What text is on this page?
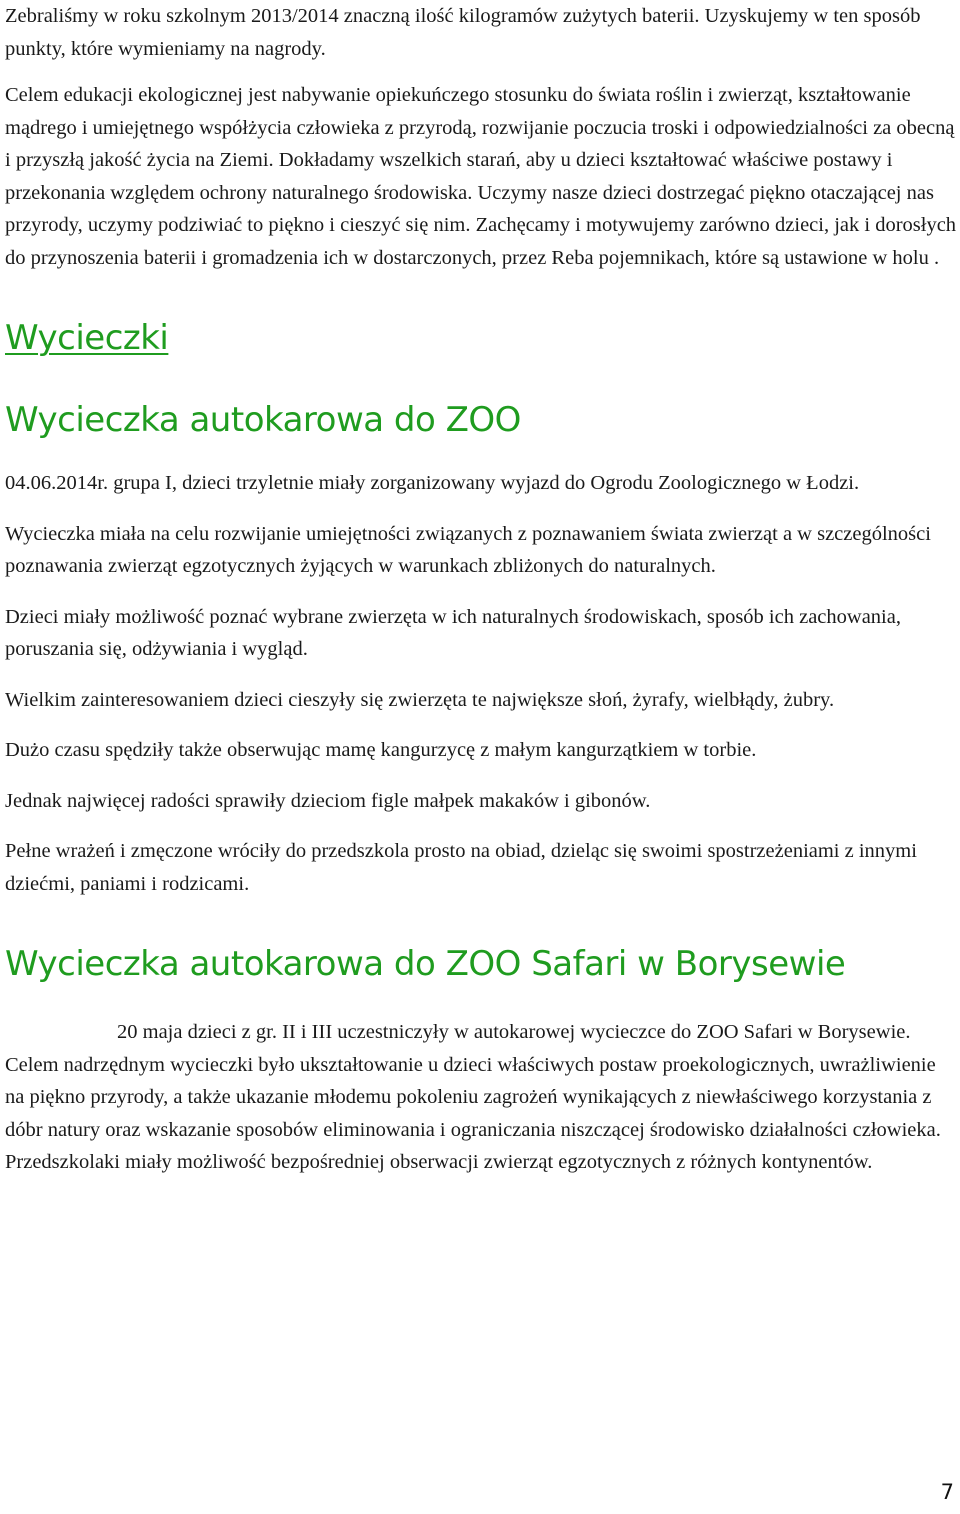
Zebraliśmy w roku szkolnym 2013/2014 znaczną ilość kilogramów zużytych baterii. Uzyskujemy w ten sposób punkty, które wymieniamy na nagrody.

Celem edukacji ekologicznej jest nabywanie opiekuńczego stosunku do świata roślin i zwierząt, kształtowanie mądrego i umiejętnego współżycia człowieka z przyrodą, rozwijanie poczucia troski i odpowiedzialności za obecną i przyszłą jakość życia na Ziemi. Dokładamy wszelkich starań, aby u dzieci kształtować właściwe postawy i przekonania względem ochrony naturalnego środowiska. Uczymy nasze dzieci dostrzegać piękno otaczającej nas przyrody, uczymy podziwiać to piękno i cieszyć się nim. Zachęcamy i motywujemy zarówno dzieci, jak i dorosłych do przynoszenia baterii i gromadzenia ich w dostarczonych, przez Reba pojemnikach, które są ustawione w holu .

Wycieczki
Wycieczka autokarowa do ZOO

04.06.2014r. grupa I, dzieci trzyletnie miały zorganizowany wyjazd do Ogrodu Zoologicznego w Łodzi.

Wycieczka miała na celu rozwijanie umiejętności związanych z poznawaniem świata zwierząt a w szczególności poznawania zwierząt egzotycznych żyjących w warunkach zbliżonych do naturalnych.

Dzieci miały możliwość poznać wybrane zwierzęta w ich naturalnych środowiskach, sposób ich zachowania, poruszania się, odżywiania i wygląd.

Wielkim zainteresowaniem dzieci cieszyły się zwierzęta te największe słoń, żyrafy, wielbłądy, żubry.

Dużo czasu spędziły także obserwując mamę kangurzycę z małym kangurzątkiem w torbie.

Jednak najwięcej radości sprawiły dzieciom figle małpek makaków i gibonów.

Pełne wrażeń i zmęczone wróciły do przedszkola prosto na obiad, dzieląc się swoimi spostrzeżeniami z innymi dziećmi, paniami i rodzicami.

Wycieczka autokarowa do ZOO Safari w Borysewie

20 maja dzieci z gr. II i III uczestniczyły w autokarowej wycieczce do ZOO Safari w Borysewie. Celem nadrzędnym wycieczki było ukształtowanie u dzieci właściwych postaw proekologicznych, uwrażliwienie na piękno przyrody, a także ukazanie młodemu pokoleniu zagrożeń wynikających z niewłaściwego korzystania z dóbr natury oraz wskazanie sposobów eliminowania i ograniczania niszczącej środowisko działalności człowieka. Przedszkolaki miały możliwość bezpośredniej obserwacji zwierząt egzotycznych z różnych kontynentów.

7
